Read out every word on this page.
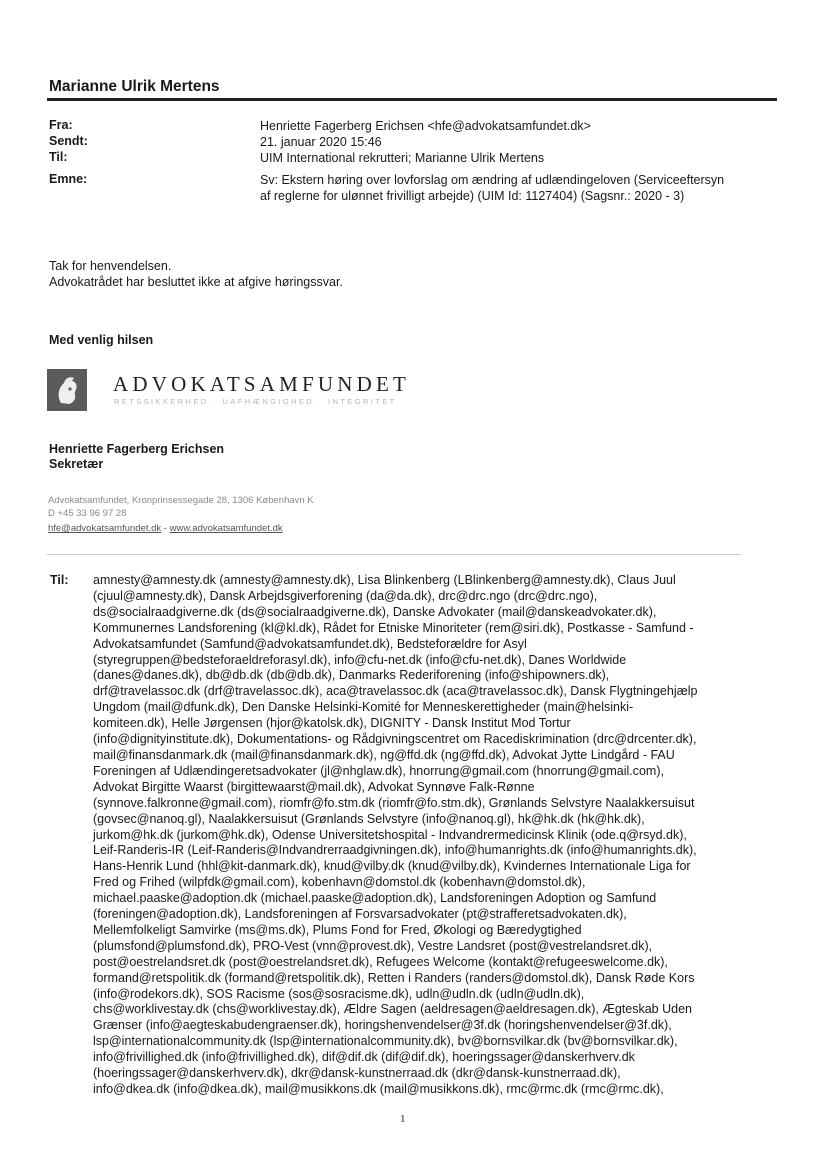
Marianne Ulrik Mertens
Fra:	Henriette Fagerberg Erichsen <hfe@advokatsamfundet.dk>
Sendt:	21. januar 2020 15:46
Til:	UIM International rekrutteri; Marianne Ulrik Mertens
Emne:	Sv: Ekstern høring over lovforslag om ændring af udlændingeloven (Serviceeftersyn
af reglerne for ulønnet frivilligt arbejde) (UIM Id: 1127404) (Sagsnr.: 2020 - 3)
Tak for henvendelsen.
Advokatrådet har besluttet ikke at afgive høringssvar.
Med venlig hilsen
ADVOKATSAMFUNDET
RETSSIKKERHED · UAFHÆNGIGHED · INTEGRITET
Henriette Fagerberg Erichsen
Sekretær
Advokatsamfundet, Kronprinsessegade 28, 1306 København K
D +45 33 96 97 28
hfe@advokatsamfundet.dk - www.advokatsamfundet.dk
Til: amnesty@amnesty.dk (amnesty@amnesty.dk), Lisa Blinkenberg (LBlinkenberg@amnesty.dk), Claus Juul
(cjuul@amnesty.dk), Dansk Arbejdsgiverforening (da@da.dk), drc@drc.ngo (drc@drc.ngo),
ds@socialraadgiverne.dk (ds@socialraadgiverne.dk), Danske Advokater (mail@danskeadvokater.dk),
Kommunernes Landsforening (kl@kl.dk), Rådet for Etniske Minoriteter (rem@siri.dk), Postkasse - Samfund -
Advokatsamfundet (Samfund@advokatsamfundet.dk), Bedsteforældre for Asyl
(styregruppen@bedsteforaeldreforasyl.dk), info@cfu-net.dk (info@cfu-net.dk), Danes Worldwide
(danes@danes.dk), db@db.dk (db@db.dk), Danmarks Rederiforening (info@shipowners.dk),
drf@travelassoc.dk (drf@travelassoc.dk), aca@travelassoc.dk (aca@travelassoc.dk), Dansk Flygtningehjælp
Ungdom (mail@dfunk.dk), Den Danske Helsinki-Komité for Menneskerettigheder (main@helsinki-
komiteen.dk), Helle Jørgensen (hjor@katolsk.dk), DIGNITY - Dansk Institut Mod Tortur
(info@dignityinstitute.dk), Dokumentations- og Rådgivningscentret om Racediskrimination (drc@drcenter.dk),
mail@finansdanmark.dk (mail@finansdanmark.dk), ng@ffd.dk (ng@ffd.dk), Advokat Jytte Lindgård - FAU
Foreningen af Udlændingeretsadvokater (jl@nhglaw.dk), hnorrung@gmail.com (hnorrung@gmail.com),
Advokat Birgitte Waarst (birgittewaarst@mail.dk), Advokat Synnøve Falk-Rønne
(synnove.falkronne@gmail.com), riomfr@fo.stm.dk (riomfr@fo.stm.dk), Grønlands Selvstyre Naalakkersuisut
(govsec@nanoq.gl), Naalakkersuisut (Grønlands Selvstyre (info@nanoq.gl), hk@hk.dk (hk@hk.dk),
jurkom@hk.dk (jurkom@hk.dk), Odense Universitetshospital - Indvandrermedicinsk Klinik (ode.q@rsyd.dk),
Leif-Randeris-IR (Leif-Randeris@Indvandrerraadgivningen.dk), info@humanrights.dk (info@humanrights.dk),
Hans-Henrik Lund (hhl@kit-danmark.dk), knud@vilby.dk (knud@vilby.dk), Kvindernes Internationale Liga for
Fred og Frihed (wilpfdk@gmail.com), kobenhavn@domstol.dk (kobenhavn@domstol.dk),
michael.paaske@adoption.dk (michael.paaske@adoption.dk), Landsforeningen Adoption og Samfund
(foreningen@adoption.dk), Landsforeningen af Forsvarsadvokater (pt@strafferetsadvokaten.dk),
Mellemfolkeligt Samvirke (ms@ms.dk), Plums Fond for Fred, Økologi og Bæredygtighed
(plumsfond@plumsfond.dk), PRO-Vest (vnn@provest.dk), Vestre Landsret (post@vestrelandsret.dk),
post@oestrelandsret.dk (post@oestrelandsret.dk), Refugees Welcome (kontakt@refugeeswelcome.dk),
formand@retspolitik.dk (formand@retspolitik.dk), Retten i Randers (randers@domstol.dk), Dansk Røde Kors
(info@rodekors.dk), SOS Racisme (sos@sosracisme.dk), udln@udln.dk (udln@udln.dk),
chs@worklivestay.dk (chs@worklivestay.dk), Ældre Sagen (aeldresagen@aeldresagen.dk), Ægteskab Uden
Grænser (info@aegteskabudengraenser.dk), horingshenvendelser@3f.dk (horingshenvendelser@3f.dk),
lsp@internationalcommunity.dk (lsp@internationalcommunity.dk), bv@bornsvilkar.dk (bv@bornsvilkar.dk),
info@frivillighed.dk (info@frivillighed.dk), dif@dif.dk (dif@dif.dk), hoeringssager@danskerhverv.dk
(hoeringssager@danskerhverv.dk), dkr@dansk-kunstnerraad.dk (dkr@dansk-kunstnerraad.dk),
info@dkea.dk (info@dkea.dk), mail@musikkons.dk (mail@musikkons.dk), rmc@rmc.dk (rmc@rmc.dk),
1
